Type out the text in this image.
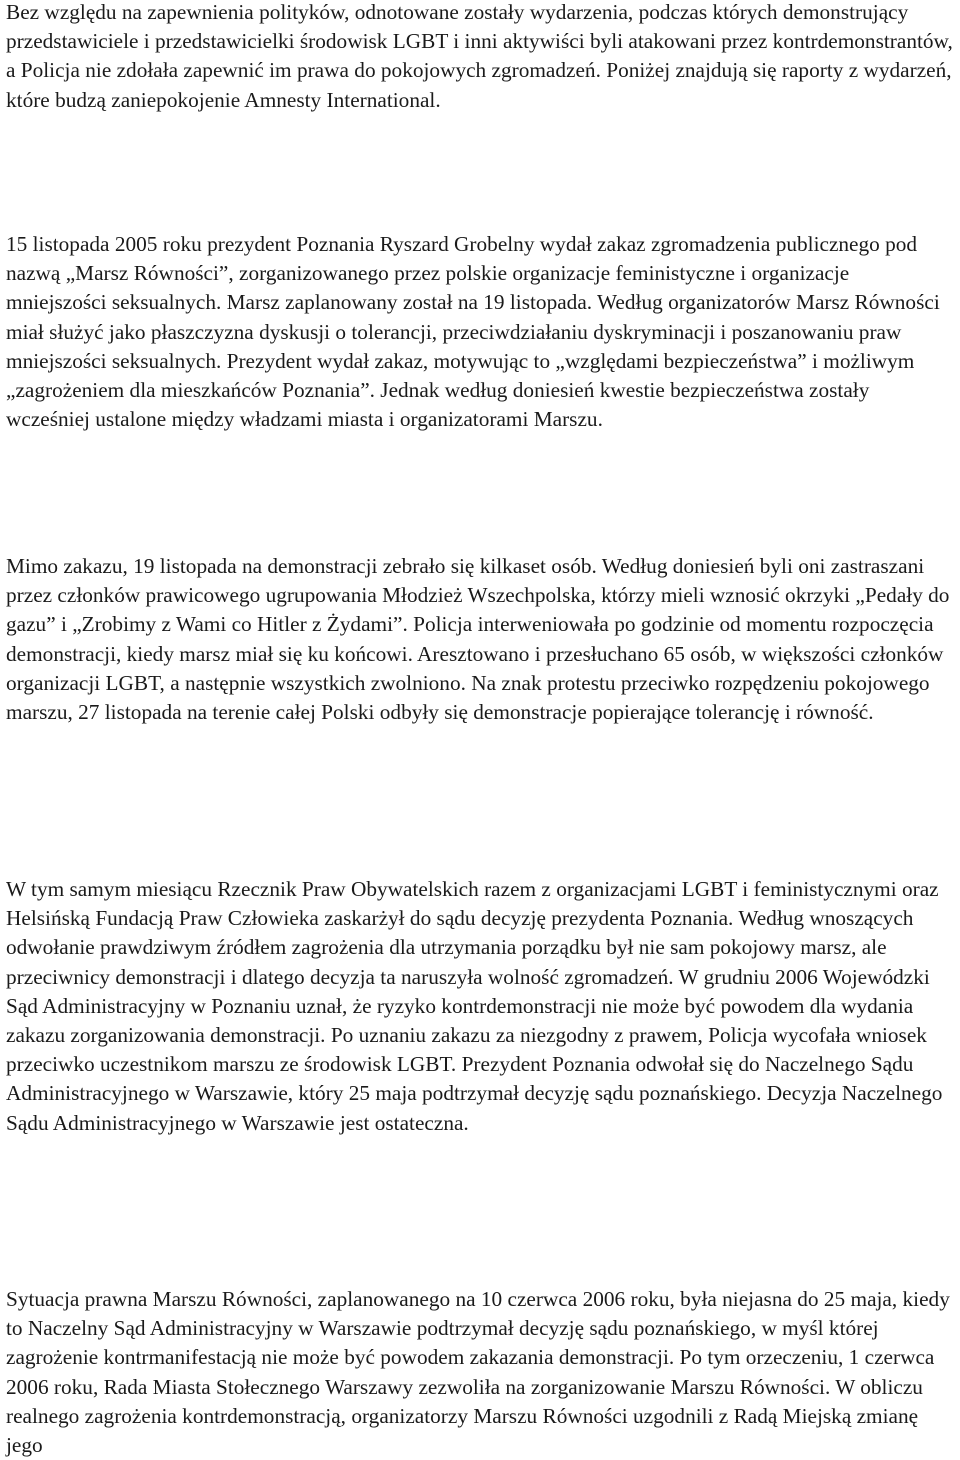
Bez względu na zapewnienia polityków, odnotowane zostały wydarzenia, podczas których demonstrujący przedstawiciele i przedstawicielki środowisk LGBT i inni aktywiści byli atakowani przez kontrdemonstrantów, a Policja nie zdołała zapewnić im prawa do pokojowych zgromadzeń. Poniżej znajdują się raporty z wydarzeń, które budzą zaniepokojenie Amnesty International.

15 listopada 2005 roku prezydent Poznania Ryszard Grobelny wydał zakaz zgromadzenia publicznego pod nazwą „Marsz Równości”, zorganizowanego przez polskie organizacje feministyczne i organizacje mniejszości seksualnych. Marsz zaplanowany został na 19 listopada. Według organizatorów Marsz Równości miał służyć jako płaszczyzna dyskusji o tolerancji, przeciwdziałaniu dyskryminacji i poszanowaniu praw mniejszości seksualnych. Prezydent wydał zakaz, motywując to „względami bezpieczeństwa” i możliwym „zagrożeniem dla mieszkańców Poznania”. Jednak według doniesień kwestie bezpieczeństwa zostały wcześniej ustalone między władzami miasta i organizatorami Marszu.

Mimo zakazu, 19 listopada na demonstracji zebrało się kilkaset osób. Według doniesień byli oni zastraszani przez członków prawicowego ugrupowania Młodzież Wszechpolska, którzy mieli wznosić okrzyki „Pedały do gazu” i „Zrobimy z Wami co Hitler z Żydami”. Policja interweniowała po godzinie od momentu rozpoczęcia demonstracji, kiedy marsz miał się ku końcowi. Aresztowano i przesłuchano 65 osób, w większości członków organizacji LGBT, a następnie wszystkich zwolniono. Na znak protestu przeciwko rozpędzeniu pokojowego marszu, 27 listopada na terenie całej Polski odbyły się demonstracje popierające tolerancję i równość.

W tym samym miesiącu Rzecznik Praw Obywatelskich razem z organizacjami LGBT i feministycznymi oraz Helsińską Fundacją Praw Człowieka zaskarżył do sądu decyzję prezydenta Poznania. Według wnoszących odwołanie prawdziwym źródłem zagrożenia dla utrzymania porządku był nie sam pokojowy marsz, ale przeciwnicy demonstracji i dlatego decyzja ta naruszyła wolność zgromadzeń. W grudniu 2006 Wojewódzki Sąd Administracyjny w Poznaniu uznał, że ryzyko kontrdemonstracji nie może być powodem dla wydania zakazu zorganizowania demonstracji. Po uznaniu zakazu za niezgodny z prawem, Policja wycofała wniosek przeciwko uczestnikom marszu ze środowisk LGBT. Prezydent Poznania odwołał się do Naczelnego Sądu Administracyjnego w Warszawie, który 25 maja podtrzymał decyzję sądu poznańskiego. Decyzja Naczelnego Sądu Administracyjnego w Warszawie jest ostateczna.

Sytuacja prawna Marszu Równości, zaplanowanego na 10 czerwca 2006 roku, była niejasna do 25 maja, kiedy to Naczelny Sąd Administracyjny w Warszawie podtrzymał decyzję sądu poznańskiego, w myśl której zagrożenie kontrmanifestacją nie może być powodem zakazania demonstracji. Po tym orzeczeniu, 1 czerwca 2006 roku, Rada Miasta Stołecznego Warszawy zezwoliła na zorganizowanie Marszu Równości. W obliczu realnego zagrożenia kontrdemonstracją, organizatorzy Marszu Równości uzgodnili z Radą Miejską zmianę jego
